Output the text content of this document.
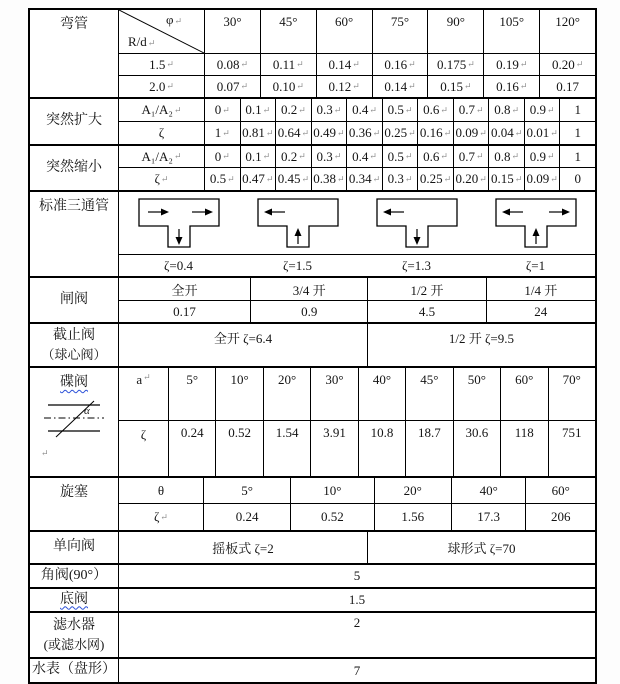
弯管	φ↵
R/d↵
30°	45°	60°	75°	90°	105°	120°
1.5 ↵	0.08 ↵	0.11 ↵	0.14 ↵	0.16 ↵	0.175 ↵	0.19 ↵	0.20 ↵
2.0 ↵	0.07 ↵	0.10 ↵	0.12 ↵	0.14 ↵	0.15 ↵	0.16 ↵	0.17
突然扩大
A₁/A₂ ↵	0 ↵	0.1 ↵ 0.2 ↵ 0.3 ↵ 0.4 ↵ 0.5 ↵ 0.6 ↵ 0.7 ↵ 0.8 ↵ 0.9 ↵	1
ζ	1 ↵ 0.81 ↵ 0.64 ↵ 0.49 ↵ 0.36 ↵ 0.25 ↵ 0.16 ↵ 0.09 ↵ 0.04 ↵ 0.01 ↵	1
突然缩小
A₁/A₂ ↵	0 ↵	0.1 ↵ 0.2 ↵ 0.3 ↵ 0.4 ↵ 0.5 ↵ 0.6 ↵ 0.7 ↵ 0.8 ↵ 0.9 ↵	1
ζ ↵	0.5 ↵ 0.47 ↵ 0.45 ↵ 0.38 ↵ 0.34 ↵ 0.3 ↵ 0.25 ↵ 0.20 ↵ 0.15 ↵ 0.09 ↵	0
标准三通管
ζ=0.4	ζ=1.5	ζ=1.3	ζ=1
闸阀
全开	3/4 开	1/2 开	1/4 开
0.17	0.9	4.5	24
截止阀
（球心阀）
全开 ζ=6.4	1/2 开 ζ=9.5
碟阀
α
↵
a ↵	5°	10°	20°	30°	40°	45°	50°	60°	70°
ζ	0.24	0.52	1.54	3.91	10.8	18.7	30.6	118	751
旋塞	θ	5°	10°	20°	40°	60°
ζ ↵	0.24	0.52	1.56	17.3	206
单向阀	摇板式 ζ=2	球形式 ζ=70
角阀(90°）	5
底阀	1.5
滤水器
(或滤水网)
2
水表（盘形）	7
